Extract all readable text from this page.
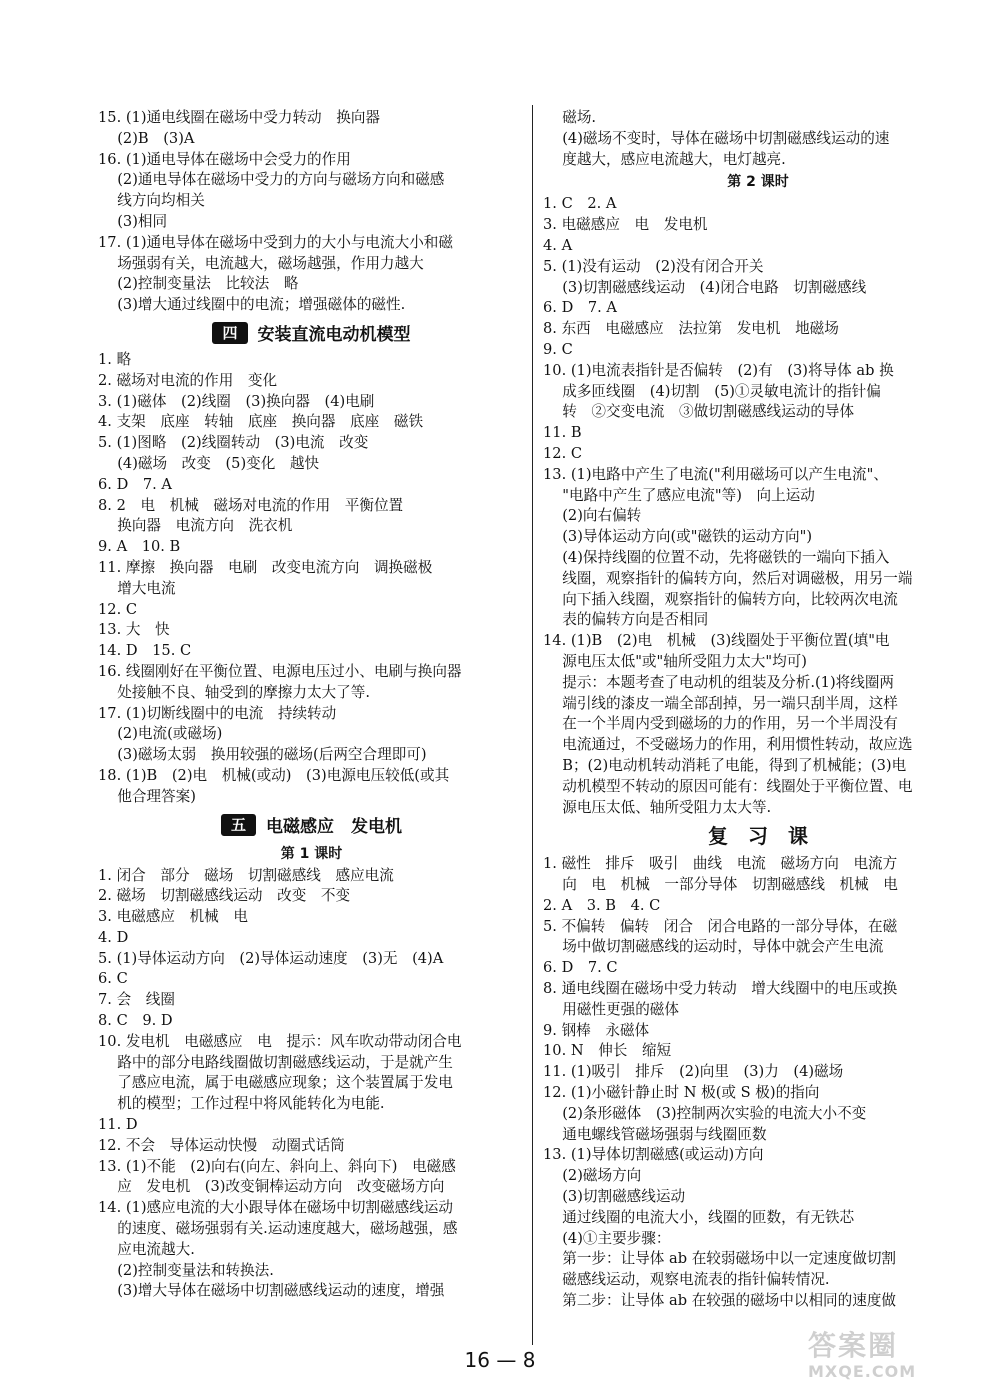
15. (1)通电线圈在磁场中受力转动　换向器
　 (2)B　(3)A
16. (1)通电导体在磁场中会受力的作用
　 (2)通电导体在磁场中受力的方向与磁场方向和磁感
　 线方向均相关
　 (3)相同
17. (1)通电导体在磁场中受到力的大小与电流大小和磁
　 场强弱有关，电流越大，磁场越强，作用力越大
　 (2)控制变量法　比较法　略
　 (3)增大通过线圈中的电流；增强磁体的磁性.
四	安装直流电动机模型
1. 略
2. 磁场对电流的作用　变化
3. (1)磁体　(2)线圈　(3)换向器　(4)电刷
4. 支架　底座　转轴　底座　换向器　底座　磁铁
5. (1)图略　(2)线圈转动　(3)电流　改变
　 (4)磁场　改变　(5)变化　越快
6. D　7. A
8. 2　电　机械　磁场对电流的作用　平衡位置
　 换向器　电流方向　洗衣机
9. A　10. B
11. 摩擦　换向器　电刷　改变电流方向　调换磁极
　 增大电流
12. C
13. 大　快
14. D　15. C
16. 线圈刚好在平衡位置、电源电压过小、电刷与换向器
　 处接触不良、轴受到的摩擦力太大了等.
17. (1)切断线圈中的电流　持续转动
　 (2)电流(或磁场)
　 (3)磁场太弱　换用较强的磁场(后两空合理即可)
18. (1)B　(2)电　机械(或动)　(3)电源电压较低(或其
　 他合理答案)
五	电磁感应　发电机
第 1 课时
1. 闭合　部分　磁场　切割磁感线　感应电流
2. 磁场　切割磁感线运动　改变　不变
3. 电磁感应　机械　电
4. D
5. (1)导体运动方向　(2)导体运动速度　(3)无　(4)A
6. C
7. 会　线圈
8. C　9. D
10. 发电机　电磁感应　电　提示：风车吹动带动闭合电
　 路中的部分电路线圈做切割磁感线运动，于是就产生
　 了感应电流，属于电磁感应现象；这个装置属于发电
　 机的模型；工作过程中将风能转化为电能.
11. D
12. 不会　导体运动快慢　动圈式话筒
13. (1)不能　(2)向右(向左、斜向上、斜向下)　电磁感
　 应　发电机　(3)改变铜棒运动方向　改变磁场方向
14. (1)感应电流的大小跟导体在磁场中切割磁感线运动
　 的速度、磁场强弱有关.运动速度越大，磁场越强，感
　 应电流越大.
　 (2)控制变量法和转换法.
　 (3)增大导体在磁场中切割磁感线运动的速度，增强
　 磁场.
　 (4)磁场不变时，导体在磁场中切割磁感线运动的速
　 度越大，感应电流越大，电灯越亮.
第 2 课时
1. C　2. A
3. 电磁感应　电　发电机
4. A
5. (1)没有运动　(2)没有闭合开关
　 (3)切割磁感线运动　(4)闭合电路　切割磁感线
6. D　7. A
8. 东西　电磁感应　法拉第　发电机　地磁场
9. C
10. (1)电流表指针是否偏转　(2)有　(3)将导体 ab 换
　 成多匝线圈　(4)切割　(5)①灵敏电流计的指针偏
　 转　②交变电流　③做切割磁感线运动的导体
11. B
12. C
13. (1)电路中产生了电流("利用磁场可以产生电流"、
　 "电路中产生了感应电流"等)　向上运动
　 (2)向右偏转
　 (3)导体运动方向(或"磁铁的运动方向")
　 (4)保持线圈的位置不动，先将磁铁的一端向下插入
　 线圈，观察指针的偏转方向，然后对调磁极，用另一端
　 向下插入线圈，观察指针的偏转方向，比较两次电流
　 表的偏转方向是否相同
14. (1)B　(2)电　机械　(3)线圈处于平衡位置(填"电
　 源电压太低"或"轴所受阻力太大"均可)
　 提示：本题考查了电动机的组装及分析.(1)将线圈两
　 端引线的漆皮一端全部刮掉，另一端只刮半周，这样
　 在一个半周内受到磁场的力的作用，另一个半周没有
　 电流通过，不受磁场力的作用，利用惯性转动，故应选
　 B；(2)电动机转动消耗了电能，得到了机械能；(3)电
　 动机模型不转动的原因可能有：线圈处于平衡位置、电
　 源电压太低、轴所受阻力太大等.
复　习　课
1. 磁性　排斥　吸引　曲线　电流　磁场方向　电流方
　 向　电　机械　一部分导体　切割磁感线　机械　电
2. A　3. B　4. C
5. 不偏转　偏转　闭合　闭合电路的一部分导体，在磁
　 场中做切割磁感线的运动时，导体中就会产生电流
6. D　7. C
8. 通电线圈在磁场中受力转动　增大线圈中的电压或换
　 用磁性更强的磁体
9. 钢棒　永磁体
10. N　伸长　缩短
11. (1)吸引　排斥　(2)向里　(3)力　(4)磁场
12. (1)小磁针静止时 N 极(或 S 极)的指向
　 (2)条形磁体　(3)控制两次实验的电流大小不变
　 通电螺线管磁场强弱与线圈匝数
13. (1)导体切割磁感(或运动)方向
　 (2)磁场方向
　 (3)切割磁感线运动
　 通过线圈的电流大小，线圈的匝数，有无铁芯
　 (4)①主要步骤：
　 第一步：让导体 ab 在较弱磁场中以一定速度做切割
　 磁感线运动，观察电流表的指针偏转情况.
　 第二步：让导体 ab 在较强的磁场中以相同的速度做
16 — 8	答案圈
MXQE.COM
